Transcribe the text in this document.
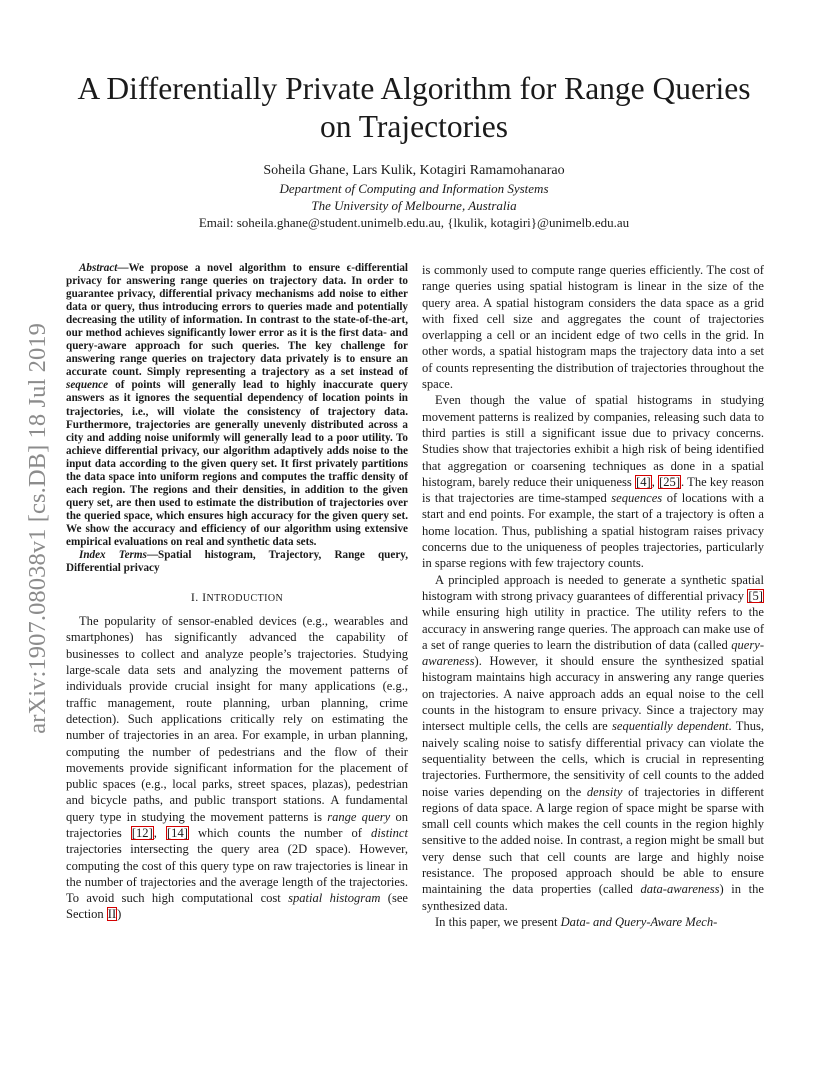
arXiv:1907.08038v1 [cs.DB] 18 Jul 2019
A Differentially Private Algorithm for Range Queries on Trajectories
Soheila Ghane, Lars Kulik, Kotagiri Ramamohanarao
Department of Computing and Information Systems
The University of Melbourne, Australia
Email: soheila.ghane@student.unimelb.edu.au, {lkulik, kotagiri}@unimelb.edu.au

Abstract—We propose a novel algorithm to ensure ϵ-differential privacy for answering range queries on trajectory data. In order to guarantee privacy, differential privacy mechanisms add noise to either data or query, thus introducing errors to queries made and potentially decreasing the utility of information. In contrast to the state-of-the-art, our method achieves significantly lower error as it is the first data- and query-aware approach for such queries. The key challenge for answering range queries on trajectory data privately is to ensure an accurate count. Simply representing a trajectory as a set instead of sequence of points will generally lead to highly inaccurate query answers as it ignores the sequential dependency of location points in trajectories, i.e., will violate the consistency of trajectory data. Furthermore, trajectories are generally unevenly distributed across a city and adding noise uniformly will generally lead to a poor utility. To achieve differential privacy, our algorithm adaptively adds noise to the input data according to the given query set. It first privately partitions the data space into uniform regions and computes the traffic density of each region. The regions and their densities, in addition to the given query set, are then used to estimate the distribution of trajectories over the queried space, which ensures high accuracy for the given query set. We show the accuracy and efficiency of our algorithm using extensive empirical evaluations on real and synthetic data sets.

Index Terms—Spatial histogram, Trajectory, Range query, Differential privacy

I. INTRODUCTION

The popularity of sensor-enabled devices (e.g., wearables and smartphones) has significantly advanced the capability of businesses to collect and analyze people’s trajectories. Studying large-scale data sets and analyzing the movement patterns of individuals provide crucial insight for many applications (e.g., traffic management, route planning, urban planning, crime detection). Such applications critically rely on estimating the number of trajectories in an area. For example, in urban planning, computing the number of pedestrians and the flow of their movements provide significant information for the placement of public spaces (e.g., local parks, street spaces, plazas), pedestrian and bicycle paths, and public transport stations. A fundamental query type in studying the movement patterns is range query on trajectories [12], [14] which counts the number of distinct trajectories intersecting the query area (2D space). However, computing the cost of this query type on raw trajectories is linear in the number of trajectories and the average length of the trajectories. To avoid such high computational cost spatial histogram (see Section II)

is commonly used to compute range queries efficiently. The cost of range queries using spatial histogram is linear in the size of the query area. A spatial histogram considers the data space as a grid with fixed cell size and aggregates the count of trajectories overlapping a cell or an incident edge of two cells in the grid. In other words, a spatial histogram maps the trajectory data into a set of counts representing the distribution of trajectories throughout the space.

Even though the value of spatial histograms in studying movement patterns is realized by companies, releasing such data to third parties is still a significant issue due to privacy concerns. Studies show that trajectories exhibit a high risk of being identified that aggregation or coarsening techniques as done in a spatial histogram, barely reduce their uniqueness [4], [25]. The key reason is that trajectories are time-stamped sequences of locations with a start and end points. For example, the start of a trajectory is often a home location. Thus, publishing a spatial histogram raises privacy concerns due to the uniqueness of peoples trajectories, particularly in sparse regions with few trajectory counts.

A principled approach is needed to generate a synthetic spatial histogram with strong privacy guarantees of differential privacy [5] while ensuring high utility in practice. The utility refers to the accuracy in answering range queries. The approach can make use of a set of range queries to learn the distribution of data (called query-awareness). However, it should ensure the synthesized spatial histogram maintains high accuracy in answering any range queries on trajectories. A naive approach adds an equal noise to the cell counts in the histogram to ensure privacy. Since a trajectory may intersect multiple cells, the cells are sequentially dependent. Thus, naively scaling noise to satisfy differential privacy can violate the sequentiality between the cells, which is crucial in representing trajectories. Furthermore, the sensitivity of cell counts to the added noise varies depending on the density of trajectories in different regions of data space. A large region of space might be sparse with small cell counts which makes the cell counts in the region highly sensitive to the added noise. In contrast, a region might be small but very dense such that cell counts are large and highly noise resistance. The proposed approach should be able to ensure maintaining the data properties (called data-awareness) in the synthesized data.

In this paper, we present Data- and Query-Aware Mech-
